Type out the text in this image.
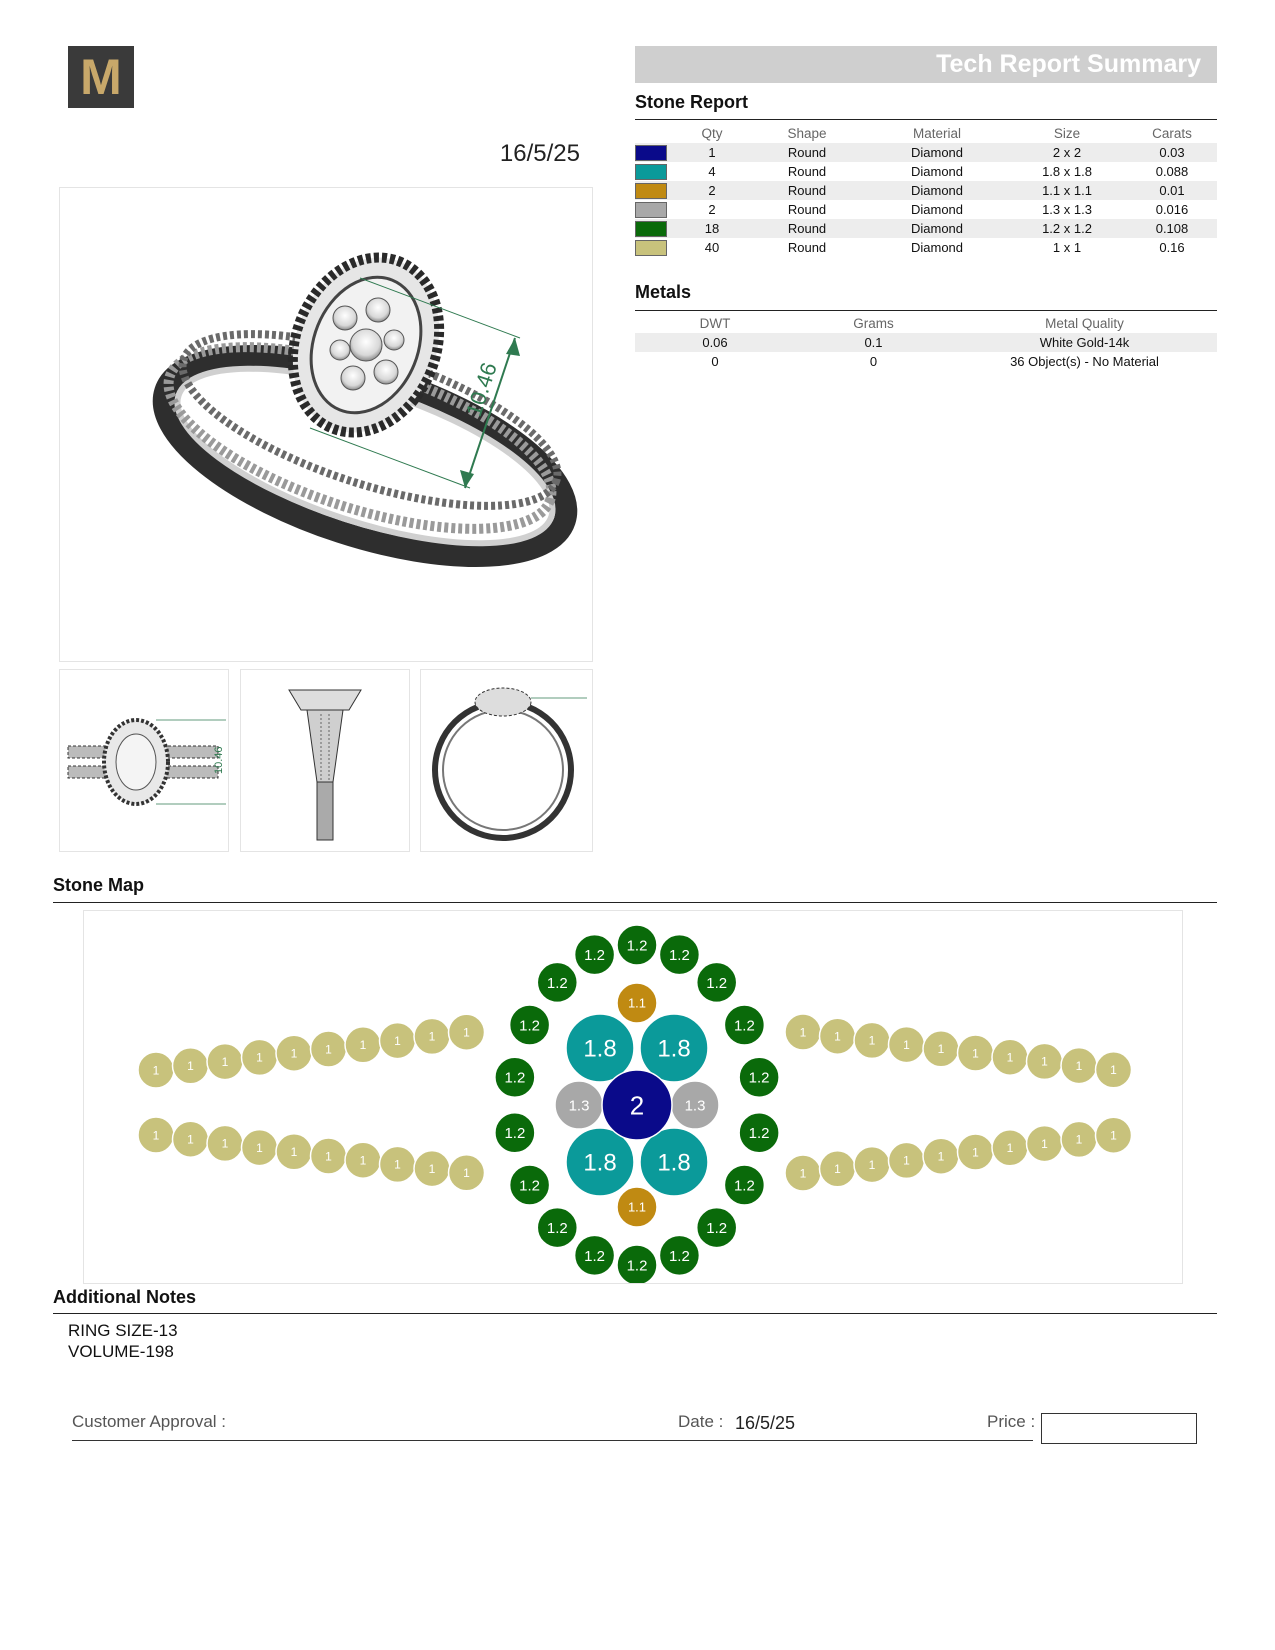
M
16/5/25
Tech Report Summary
Stone Report
	Qty	Shape	Material	Size	Carats

	1	Round	Diamond	2 x 2	0.03

	4	Round	Diamond	1.8 x 1.8	0.088

	2	Round	Diamond	1.1 x 1.1	0.01

	2	Round	Diamond	1.3 x 1.3	0.016

	18	Round	Diamond	1.2 x 1.2	0.108

	40	Round	Diamond	1 x 1	0.16
Metals
DWT	Grams	Metal Quality
0.06	0.1	White Gold-14k
0	0	36 Object(s) - No Material
10.46
10.46
Stone Map
1.2
1.2
1.2
1.2
1.2
1.2
1.2
1.2
1.2
1.2
1.2
1.2
1.2
1.2
1.2
1.2
1.2
1.2
1.8 1.8
1.8 1.8
1.1
1.1
1.3	1.3
2
1
1
1
1
1
1
1
1
1
1
1
1
1
1
1
1
1
1
1
1
1
1
1
1
1
1
1
1
1
1
1
1
1
1
1
1
1
1
1
1
Additional Notes
RING SIZE-13
VOLUME-198
Customer Approval :	Date : 16/5/25	Price :
